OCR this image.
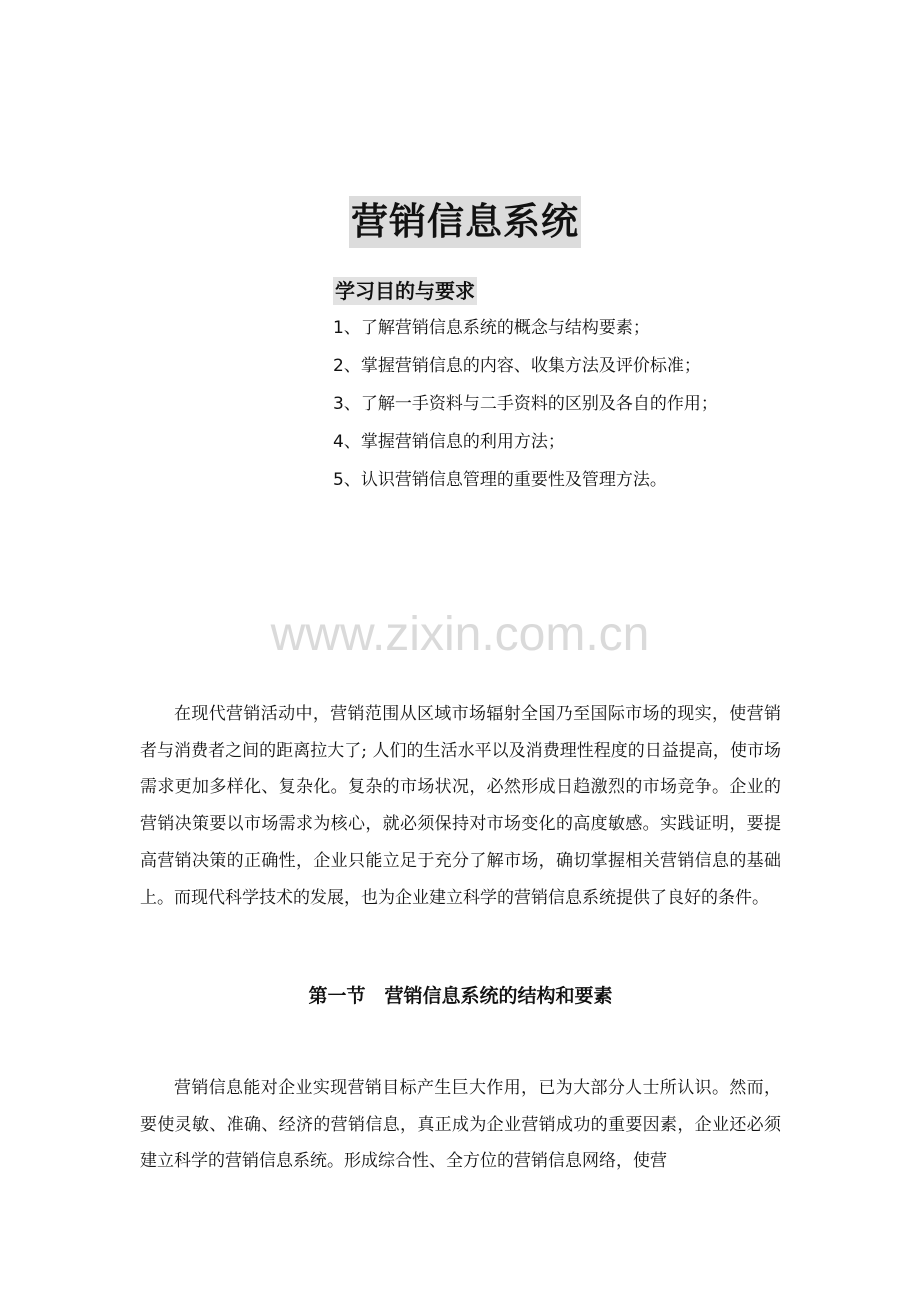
营销信息系统
学习目的与要求
1、了解营销信息系统的概念与结构要素；
2、掌握营销信息的内容、收集方法及评价标准；
3、了解一手资料与二手资料的区别及各自的作用；
4、掌握营销信息的利用方法；
5、认识营销信息管理的重要性及管理方法。
www.zixin.com.cn

在现代营销活动中，营销范围从区域市场辐射全国乃至国际市场的现实，使营销者与消费者之间的距离拉大了; 人们的生活水平以及消费理性程度的日益提高，使市场需求更加多样化、复杂化。复杂的市场状况，必然形成日趋激烈的市场竞争。企业的营销决策要以市场需求为核心，就必须保持对市场变化的高度敏感。实践证明，要提高营销决策的正确性，企业只能立足于充分了解市场，确切掌握相关营销信息的基础上。而现代科学技术的发展，也为企业建立科学的营销信息系统提供了良好的条件。

第一节　营销信息系统的结构和要素

营销信息能对企业实现营销目标产生巨大作用，已为大部分人士所认识。然而，要使灵敏、准确、经济的营销信息，真正成为企业营销成功的重要因素，企业还必须建立科学的营销信息系统。形成综合性、全方位的营销信息网络，使营
